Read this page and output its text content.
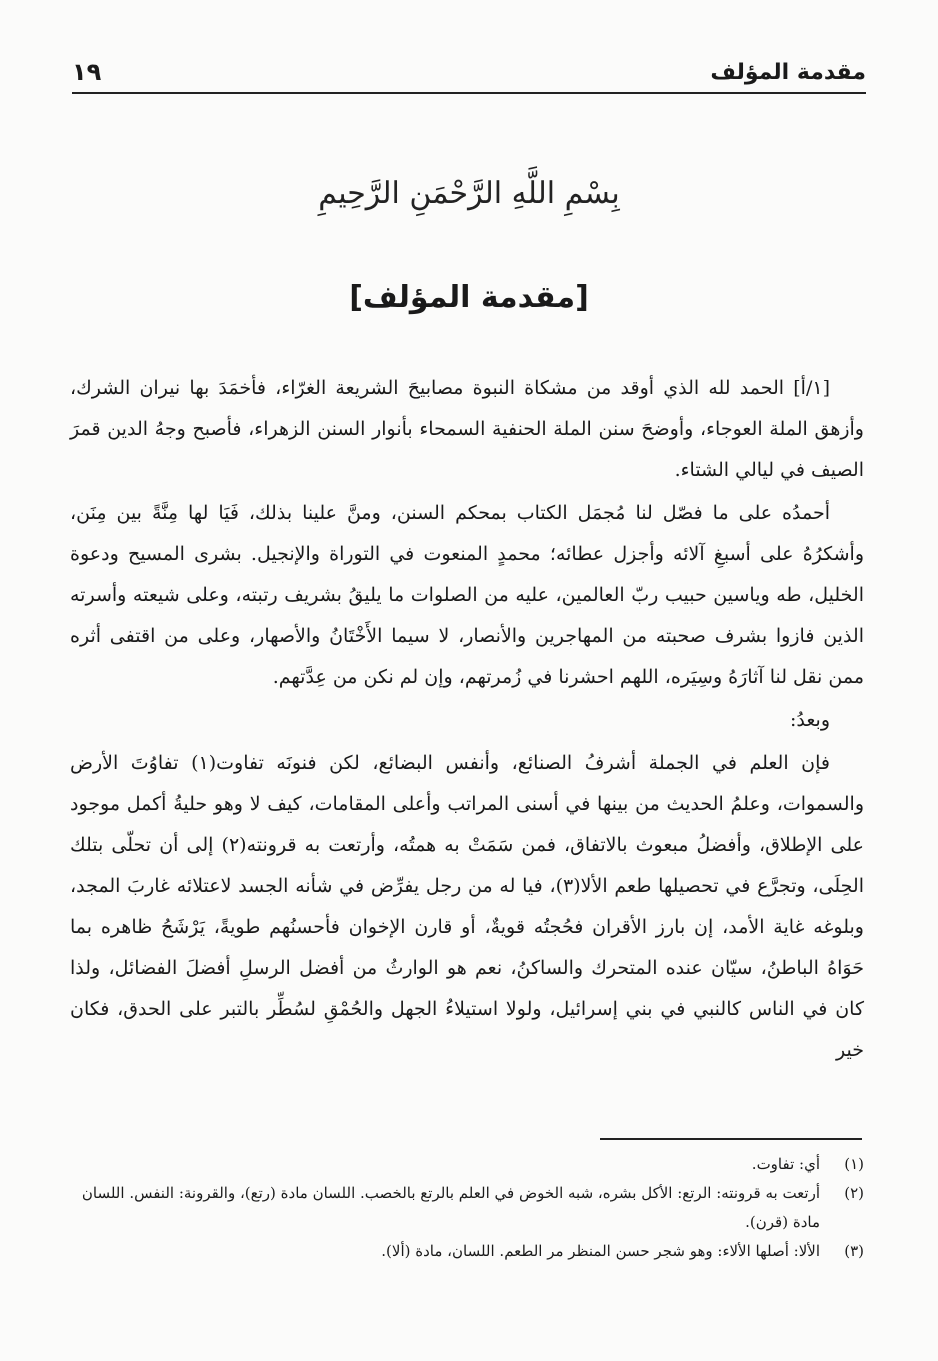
مقدمة المؤلف
١٩
بِسْمِ اللَّهِ الرَّحْمَنِ الرَّحِيمِ
[مقدمة المؤلف]

[١/أ] الحمد لله الذي أوقد من مشكاة النبوة مصابيحَ الشريعة الغرّاء، فأخمَدَ بها نيران الشرك، وأزهق الملة العوجاء، وأوضحَ سنن الملة الحنفية السمحاء بأنوار السنن الزهراء، فأصبح وجهُ الدين قمرَ الصيف في ليالي الشتاء.

أحمدُه على ما فصّل لنا مُجمَل الكتاب بمحكم السنن، ومنَّ علينا بذلك، فَيَا لها مِنَّةً بين مِنَن، وأشكرُهُ على أسبغِ آلائه وأجزل عطائه؛ محمدٍ المنعوت في التوراة والإنجيل. بشرى المسيح ودعوة الخليل، طه وياسين حبيب ربّ العالمين، عليه من الصلوات ما يليقُ بشريف رتبته، وعلى شيعته وأسرته الذين فازوا بشرف صحبته من المهاجرين والأنصار، لا سيما الأَخْتَانُ والأصهار، وعلى من اقتفى أثره ممن نقل لنا آثارَهُ وسِيَره، اللهم احشرنا في زُمرتهم، وإن لم نكن من عِدَّتهم.

وبعدُ:

فإن العلم في الجملة أشرفُ الصنائع، وأنفس البضائع، لكن فنونَه تفاوت(١) تفاوُتَ الأرض والسموات، وعلمُ الحديث من بينها في أسنى المراتب وأعلى المقامات، كيف لا وهو حليةُ أكمل موجود على الإطلاق، وأفضلُ مبعوث بالاتفاق، فمن سَمَتْ به همتُه، وأرتعت به قرونته(٢) إلى أن تحلّى بتلك الحِلَى، وتجرَّع في تحصيلها طعم الألا(٣)، فيا له من رجل يفرِّض في شأنه الجسد لاعتلائه غاربَ المجد، وبلوغه غاية الأمد، إن بارز الأقران فحُجتُه قويةٌ، أو قارن الإخوان فأحسنُهم طويةً، يَرْشَحُ ظاهره بما حَوَاهُ الباطنُ، سيّان عنده المتحرك والساكنُ، نعم هو الوارثُ من أفضل الرسلِ أفضلَ الفضائل، ولذا كان في الناس كالنبي في بني إسرائيل، ولولا استيلاءُ الجهل والحُمْقِ لسُطِّر بالتبر على الحدق، فكان خير

(١)
أي: تفاوت.
(٢)
أرتعت به قرونته: الرتع: الأكل بشره، شبه الخوض في العلم بالرتع بالخصب. اللسان مادة (رتع)، والقرونة: النفس. اللسان مادة (قرن).
(٣)
الألا: أصلها الألاء: وهو شجر حسن المنظر مر الطعم. اللسان، مادة (ألا).
